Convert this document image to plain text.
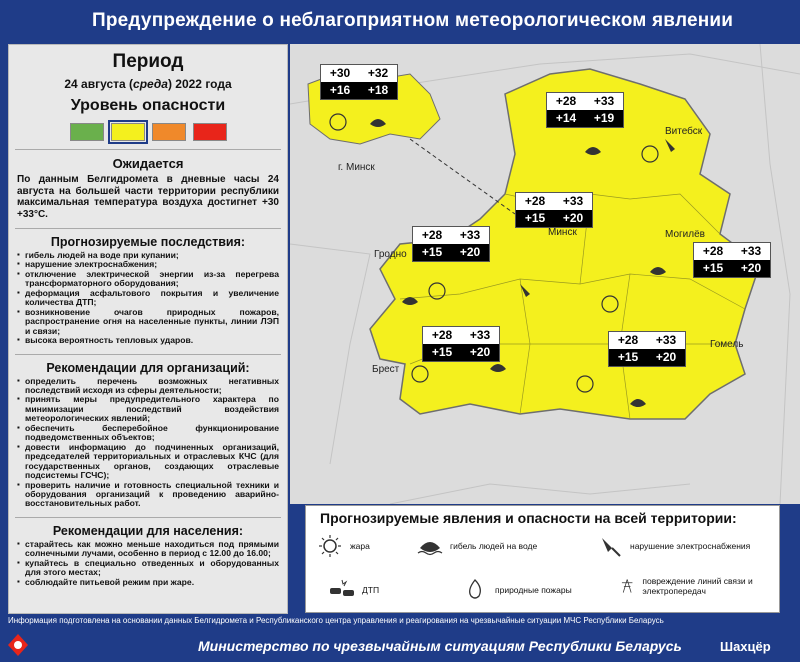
Предупреждение о неблагоприятном метеорологическом явлении
Период
24 августа (среда) 2022 года
Уровень опасности
Ожидается
По данным Белгидромета в дневные часы 24 августа на большей части территории республики максимальная температура воздуха достигнет +30 +33°С.
Прогнозируемые последствия:
▪ гибель людей на воде при купании;
▪ нарушение электроснабжения;
▪ отключение электрической энергии из-за перегрева трансформаторного оборудования;
▪ деформация асфальтового покрытия и увеличение количества ДТП;
▪ возникновение очагов природных пожаров, распространение огня на населенные пункты, линии ЛЭП и связи;
▪ высока вероятность тепловых ударов.
Рекомендации для организаций:
▪ определить перечень возможных негативных последствий исходя из сферы деятельности;
▪ принять меры предупредительного характера по минимизации последствий воздействия метеорологических явлений;
▪ обеспечить бесперебойное функционирование подведомственных объектов;
▪ довести информацию до подчиненных организаций, председателей территориальных и отраслевых КЧС (для государственных органов, создающих отраслевые подсистемы ГСЧС);
▪ проверить наличие и готовность специальной техники и оборудования организаций к проведению аварийно-восстановительных работ.
Рекомендации для населения:
▪ старайтесь как можно меньше находиться под прямыми солнечными лучами, особенно в период с 12.00 до 16.00;
▪ купайтесь в специально отведенных и оборудованных для этого местах;
▪ соблюдайте питьевой режим при жаре.
г. Минск
Витебск
Минск	Могилёв
Гродно
Брест
Гомель
+30 +32
+16 +18
+28 +33
+14 +19
+28 +33
+15 +20
+28 +33
+15 +20	+28 +33
+15 +20
+28 +33
+15 +20
+28 +33
+15 +20
Прогнозируемые явления и опасности на всей территории:
жара	гибель людей на воде	нарушение электроснабжения
ДТП	природные пожары
повреждение линий связи и электропередач
Информация подготовлена на основании данных Белгидромета и Республиканского центра управления и реагирования на чрезвычайные ситуации МЧС Республики Беларусь
Министерство по чрезвычайным ситуациям Республики Беларусь	Шахцёр
